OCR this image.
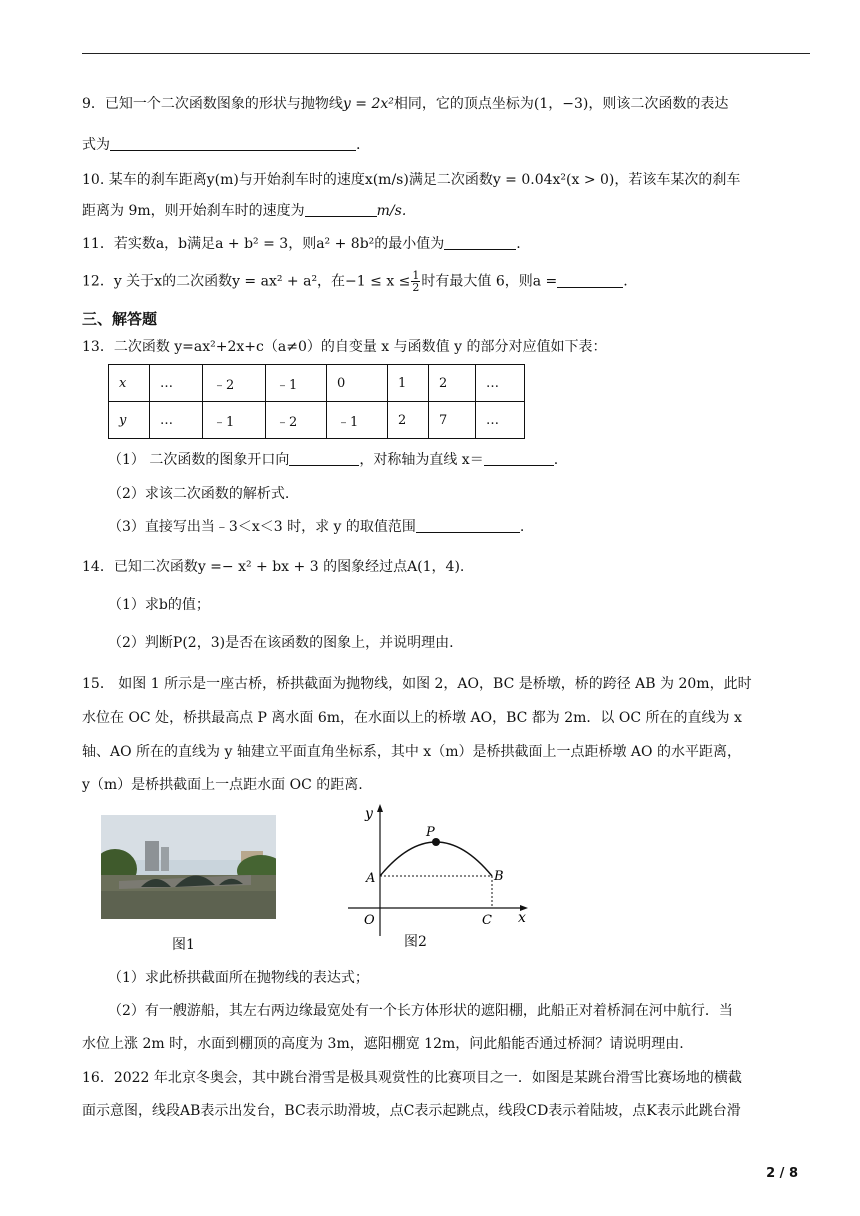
9．已知一个二次函数图象的形状与抛物线y = 2x²相同，它的顶点坐标为(1，−3)，则该二次函数的表达
式为	.
10. 某车的刹车距离y(m)与开始刹车时的速度x(m/s)满足二次函数y = 0.04x²(x > 0)，若该车某次的刹车
距离为 9m，则开始刹车时的速度为	m/s.
11．若实数a，b满足a + b² = 3，则a² + 8b²的最小值为	.
12．y 关于x的二次函数y = ax² + a²，在$-1 \le x \le \frac{1}{2}$ 时有最大值 6，则a =	.
三、解答题
13．二次函数 y=ax²+2x+c（a≠0）的自变量 x 与函数值 y 的部分对应值如下表：
x	…	﹣2	﹣1	0	1	2	…
y	…	﹣1	﹣2	﹣1	2	7	…
（1） 二次函数的图象开口向	，对称轴为直线 x＝	.
（2）求该二次函数的解析式.
（3）直接写出当﹣3＜x＜3 时，求 y 的取值范围	.
14．已知二次函数y =− x² + bx + 3 的图象经过点A(1，4).
（1）求b的值；
（2）判断P(2，3)是否在该函数的图象上，并说明理由.
15． 如图 1 所示是一座古桥，桥拱截面为抛物线，如图 2，AO，BC 是桥墩，桥的跨径 AB 为 20m，此时
水位在 OC 处，桥拱最高点 P 离水面 6m，在水面以上的桥墩 AO，BC 都为 2m．以 OC 所在的直线为 x
轴、AO 所在的直线为 y 轴建立平面直角坐标系，其中 x（m）是桥拱截面上一点距桥墩 AO 的水平距离，
y（m）是桥拱截面上一点距水面 OC 的距离.
图1
y
x
O
A	B
C
P
图2
（1）求此桥拱截面所在抛物线的表达式；
（2）有一艘游船，其左右两边缘最宽处有一个长方体形状的遮阳棚，此船正对着桥洞在河中航行．当
水位上涨 2m 时，水面到棚顶的高度为 3m，遮阳棚宽 12m，问此船能否通过桥洞？请说明理由.
16．2022 年北京冬奥会，其中跳台滑雪是极具观赏性的比赛项目之一．如图是某跳台滑雪比赛场地的横截
面示意图，线段AB表示出发台，BC表示助滑坡，点C表示起跳点，线段CD表示着陆坡，点K表示此跳台滑
2 / 8
